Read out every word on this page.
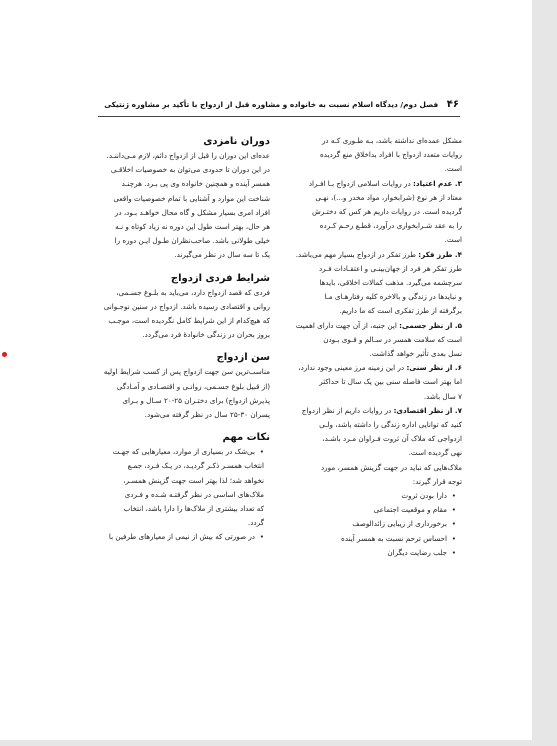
۴۶ فصل دوم/ دیدگاه اسلام نسبت به خانواده و مشاوره قبل از ازدواج با تأکید بر مشاوره ژنتیکی
مشکل عمده‌ای نداشته باشد، بـه طـوری کـه در
روایات متعدد ازدواج با افراد بداخلاق منع گردیده
است.
۳. عدم اعتیاد: در روایات اسلامی ازدواج بـا افـراد
معتاد از هر نوع (شرابخوار، مواد مخدر و...)، نهـی
گردیده است. در روایات داریم هر کس که دختـرش
را به عقد شـرابخواری درآورد، قطـع رحـم کـرده
است.
۴. طرز فکر: طرز تفکر در ازدواج بسیار مهم می‌باشد.
طرز تفکر هر فرد از جهان‌بینـی و اعتقـادات فـرد
سرچشمه می‌گیرد. مذهب کمالات اخلاقی، بایدها
و نبایدها در زندگی و بالاخره کلیه رفتارهـای مـا
برگرفته از طرز تفکری است که ما داریم.
۵. از نظر جسمی: این جنبه، از آن جهت دارای اهمیت
است که سلامت همسر در سـالم و قـوی بـودن
نسل بعدی تأثیر خواهد گذاشت.
۶. از نظر سنی: در این زمینه مرز معینی وجود ندارد،
اما بهتر است فاصله سنی بین یک سال تا حداکثر
۷ سال باشد.
۷. از نظر اقتصادی: در روایات داریم از نظر ازدواج
کنید که توانایی اداره زندگی را داشته باشد، ولـی
ازدواجی که ملاک آن ثروت فـراوان مـرد باشـد،
نهی گردیده است.
ملاک‌هایی که نباید در جهت گزینش همسر، مورد
توجه قرار گیرند:
• دارا بودن ثروت
• مقام و موقعیت اجتماعی
• برخورداری از زیبایی زائدالوصف
• احساس ترحم نسبت به همسر آینده
• جلب رضایت دیگران
دوران نامزدی
عده‌ای این دوران را قبل از ازدواج دائم، لازم مـی‌داننـد.
در این دوران تا حدودی می‌توان به خصوصیات اخلاقـی
همسر آینده و همچنین خانواده وی پی بـرد. هرچنـد
شناخت این موارد و آشنایی با تمام خصوصیات واقعی
افراد امری بسیار مشکل و گاه محال خواهـد بـود، در
هر حال، بهتر است طول این دوره نه زیاد کوتاه و نـه
خیلی طولانی باشد. صاحب‌نظران طـول ایـن دوره را
یک تا سه سال در نظر می‌گیرند.
شرایط فردی ازدواج
فردی که قصد ازدواج دارد، می‌باید به بلـوغ جسـمی،
روانی و اقتصادی رسیده باشد. ازدواج در سنین نوجـوانی
که هیچ‌کدام از این شرایط کامل نگردیده است، موجـب
بروز بحران در زندگی خانوادهٔ فرد می‌گردد.
سن ازدواج
مناسب‌ترین سن جهت ازدواج پس از کسب شرایط اولیه
(از قبیل بلوغ جسـمی، روانـی و اقتصـادی و آمـادگی
پذیرش ازدواج) برای دختـران ۲۵-۲۰ سـال و بـرای
پسران ۳۰-۲۵ سال در نظر گرفته می‌شود.
نکات مهم
• بی‌شک در بسیاری از موارد، معیارهایی که جهـت
انتخاب همسـر ذکـر گرديـد، در يـک فـرد، جمـع
نخواهد شد؛ لذا بهتر است جهت گزینش همسـر،
ملاک‌های اساسی در نظر گرفتـه شـده و فـردی
که تعداد بیشتری از ملاک‌ها را دارا باشد، انتخاب
گردد.
• در صورتی که بیش از نیمی از معیارهای طرفین با
